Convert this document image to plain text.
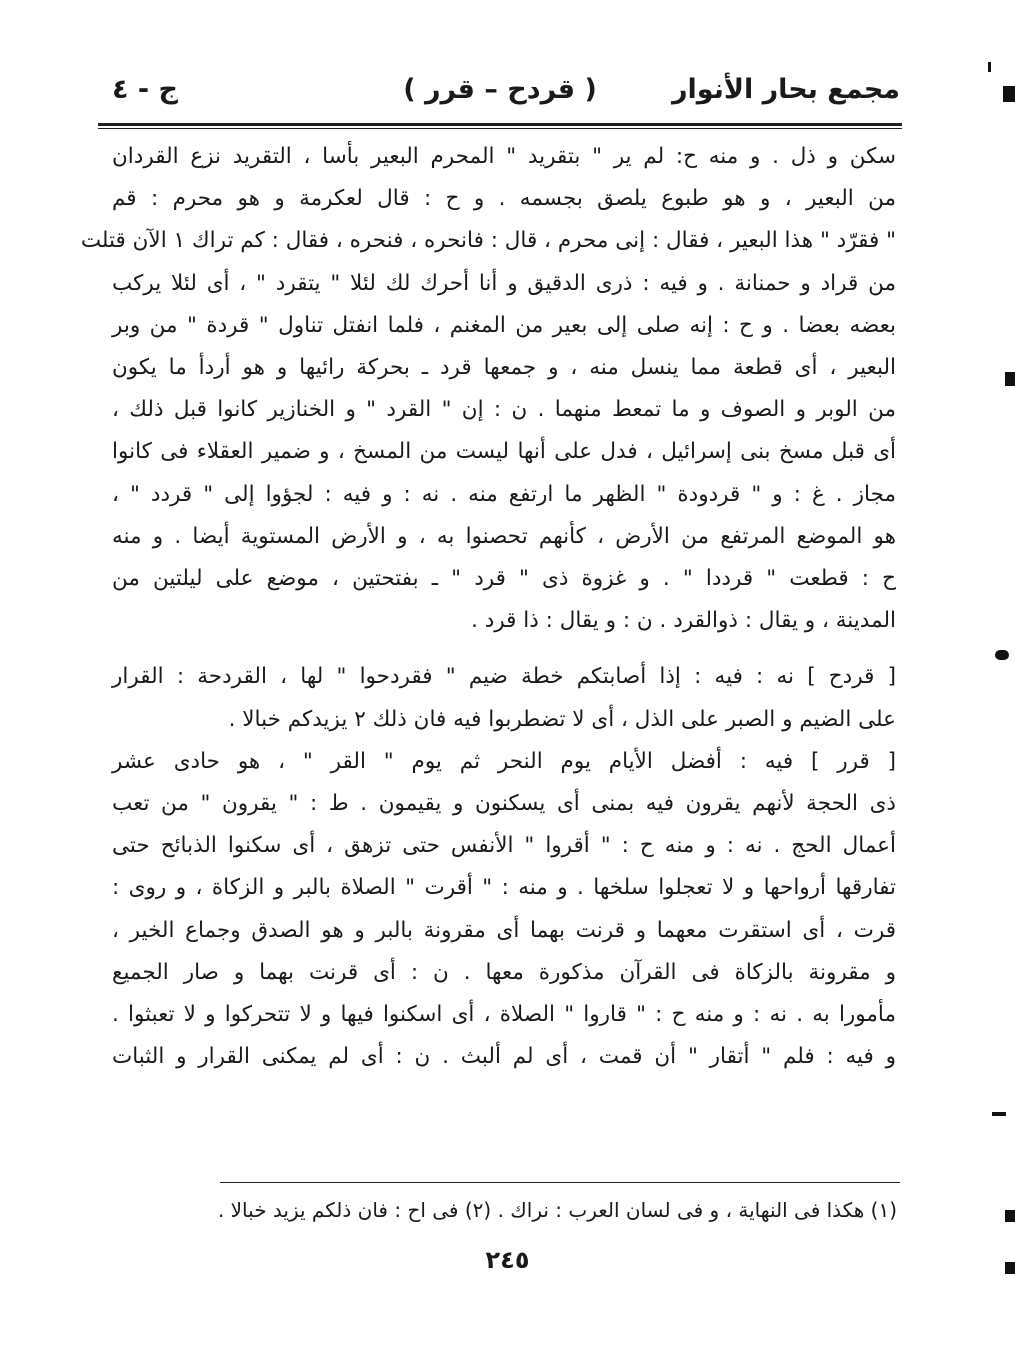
مجمع بحار الأنوار
( قردح – قرر )
ج - ٤
سكن و ذل . و منه ح: لم ير " بتقريد " المحرم البعير بأسا ، التقريد نزع القردان
من البعير ، و هو طبوع يلصق بجسمه . و ح : قال لعكرمة و هو محرم : قم
" فقرّد " هذا البعير ، فقال : إنى محرم ، قال : فانحره ، فنحره ، فقال : كم تراك ١ الآن قتلت
من قراد و حمنانة . و فيه : ذرى الدقيق و أنا أحرك لك لئلا " يتقرد " ، أى لئلا يركب
بعضه بعضا . و ح : إنه صلى إلى بعير من المغنم ، فلما انفتل تناول " قردة " من وبر
البعير ، أى قطعة مما ينسل منه ، و جمعها قرد ـ بحركة رائيها و هو أردأ ما يكون
من الوبر و الصوف و ما تمعط منهما . ن : إن " القرد " و الخنازير كانوا قبل ذلك ،
أى قبل مسخ بنى إسرائيل ، فدل على أنها ليست من المسخ ، و ضمير العقلاء فى كانوا
مجاز . غ : و " قردودة " الظهر ما ارتفع منه . نه : و فيه : لجؤوا إلى " قردد " ،
هو الموضع المرتفع من الأرض ، كأنهم تحصنوا به ، و الأرض المستوية أيضا . و منه
ح : قطعت " قرددا " . و غزوة ذى " قرد " ـ بفتحتين ، موضع على ليلتين من
المدينة ، و يقال : ذوالقرد . ن : و يقال : ذا قرد .
[ قردح ] نه : فيه : إذا أصابتكم خطة ضيم " فقردحوا " لها ، القردحة : القرار
على الضيم و الصبر على الذل ، أى لا تضطربوا فيه فان ذلك ٢ يزيدكم خبالا .
[ قرر ] فيه : أفضل الأيام يوم النحر ثم يوم " القر " ، هو حادى عشر
ذى الحجة لأنهم يقرون فيه بمنى أى يسكنون و يقيمون . ط : " يقرون " من تعب
أعمال الحج . نه : و منه ح : " أقروا " الأنفس حتى تزهق ، أى سكنوا الذبائح حتى
تفارقها أرواحها و لا تعجلوا سلخها . و منه : " أقرت " الصلاة بالبر و الزكاة ، و روى :
قرت ، أى استقرت معهما و قرنت بهما أى مقرونة بالبر و هو الصدق وجماع الخير ،
و مقرونة بالزكاة فى القرآن مذكورة معها . ن : أى قرنت بهما و صار الجميع
مأمورا به . نه : و منه ح : " قاروا " الصلاة ، أى اسكنوا فيها و لا تتحركوا و لا تعبثوا .
و فيه : فلم " أتقار " أن قمت ، أى لم ألبث . ن : أى لم يمكنى القرار و الثبات
(١) هكذا فى النهاية ، و فى لسان العرب : نراك . (٢) فى اح : فان ذلكم يزيد خبالا .
٢٤٥
